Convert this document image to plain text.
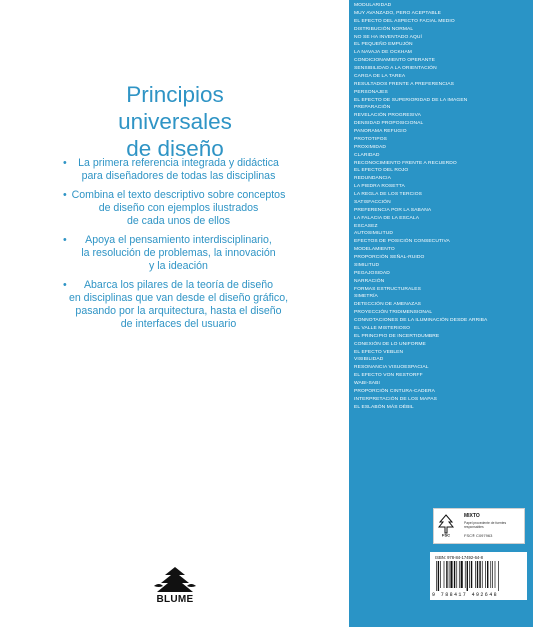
Principios
universales
de diseño
•	La primera referencia integrada y didáctica
para diseñadores de todas las disciplinas
• Combina el texto descriptivo sobre conceptos
de diseño con ejemplos ilustrados
de cada unos de ellos
•	Apoya el pensamiento interdisciplinario,
la resolución de problemas, la innovación
y la ideación
•	Abarca los pilares de la teoría de diseño
en disciplinas que van desde el diseño gráfico,
pasando por la arquitectura, hasta el diseño
de interfaces del usuario
BLUME
MODULARIDAD
MUY AVANZADO, PERO ACEPTABLE
EL EFECTO DEL ASPECTO FACIAL MEDIO
DISTRIBUCIÓN NORMAL
NO SE HA INVENTADO AQUÍ
EL PEQUEÑO EMPUJÓN
LA NAVAJA DE OCKHAM
CONDICIONAMIENTO OPERANTE
SENSIBILIDAD A LA ORIENTACIÓN
CARGA DE LA TAREA
RESULTADOS FRENTE A PREFERENCIAS
PERSONAJES
EL EFECTO DE SUPERIORIDAD DE LA IMAGEN
PREPARACIÓN
REVELACIÓN PROGRESIVA
DENSIDAD PROPOSICIONAL
PANORAMA REFUGIO
PROTOTIPOS
PROXIMIDAD
CLARIDAD
RECONOCIMIENTO FRENTE A RECUERDO
EL EFECTO DEL ROJO
REDUNDANCIA
LA PIEDRA ROSETTA
LA REGLA DE LOS TERCIOS
SATISFACCIÓN
PREFERENCIA POR LA SABANA
LA FALACIA DE LA ESCALA
ESCASEZ
AUTOSIMILITUD
EFECTOS DE POSICIÓN CONSECUTIVA
MODELAMIENTO
PROPORCIÓN SEÑAL-RUIDO
SIMILITUD
PEGAJOSIDAD
NARRACIÓN
FORMAS ESTRUCTURALES
SIMETRÍA
DETECCIÓN DE AMENAZAS
PROYECCIÓN TRIDIMENSIONAL
CONNOTACIONES DE LA ILUMINACIÓN DESDE ARRIBA
EL VALLE MISTERIOSO
EL PRINCIPIO DE INCERTIDUMBRE
CONEXIÓN DE LO UNIFORME
EL EFECTO VEBLEN
VISIBILIDAD
RESONANCIA VISUOESPACIAL
EL EFECTO VON RESTORFF
WABI-SABI
PROPORCIÓN CINTURA-CADERA
INTERPRETACIÓN DE LOS MAPAS
EL ESLABÓN MÁS DÉBIL
FSC
MIXTO
Papel procedente de fuentes responsables
FSC® C097963
ISBN: 978-84-17492-64-8
9 788417 492648
